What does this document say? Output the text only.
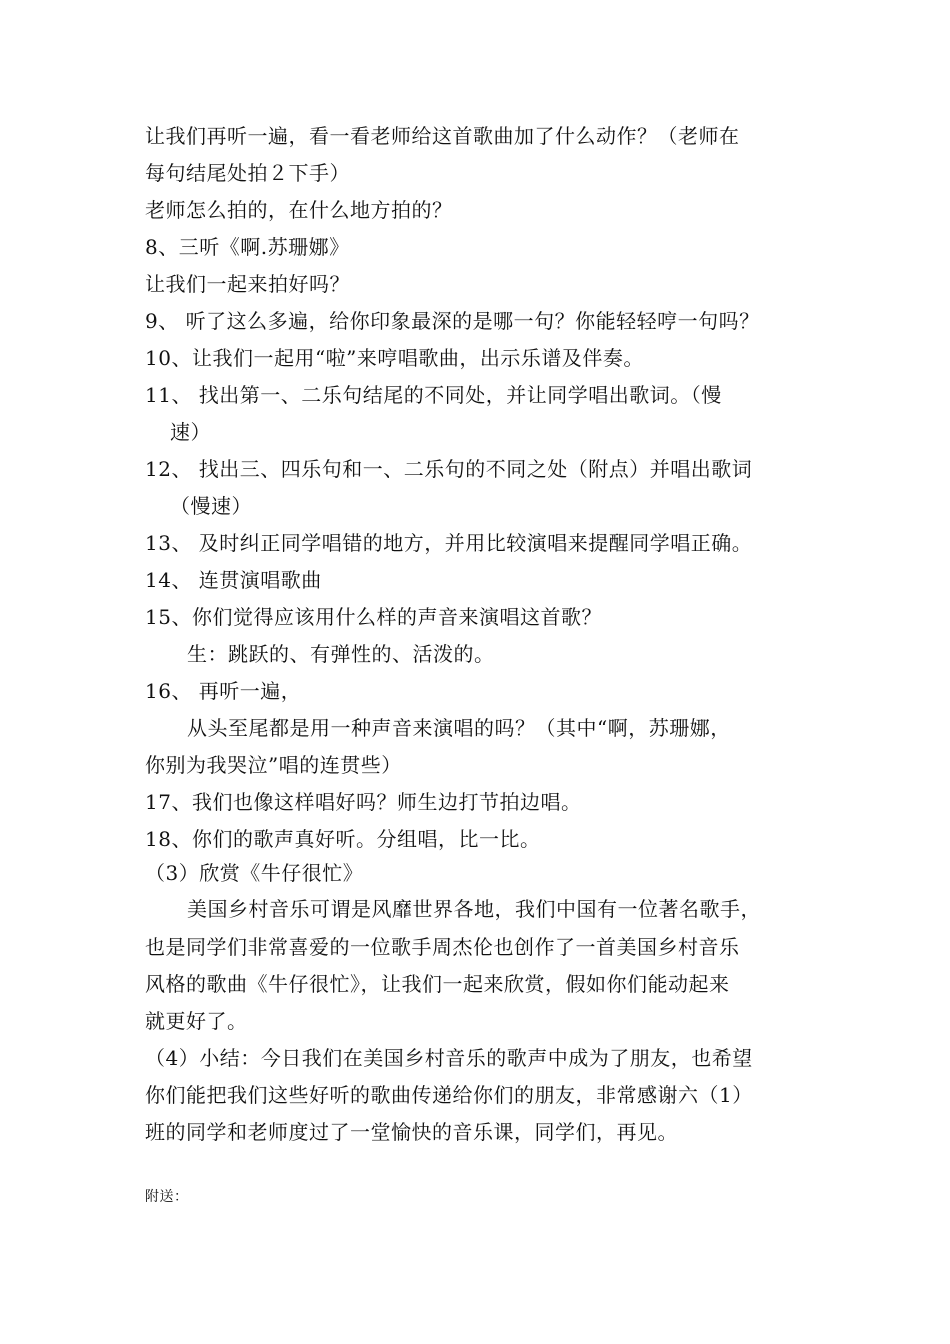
让我们再听一遍，看一看老师给这首歌曲加了什么动作？（老师在
每句结尾处拍２下手）
老师怎么拍的，在什么地方拍的？
8、三听《啊.苏珊娜》
让我们一起来拍好吗？
9、 听了这么多遍，给你印象最深的是哪一句？你能轻轻哼一句吗？
10、让我们一起用“啦”来哼唱歌曲，出示乐谱及伴奏。
11、 找出第一、二乐句结尾的不同处，并让同学唱出歌词。（慢
速）
12、 找出三、四乐句和一、二乐句的不同之处（附点）并唱出歌词
（慢速）
13、 及时纠正同学唱错的地方，并用比较演唱来提醒同学唱正确。
14、 连贯演唱歌曲
15、你们觉得应该用什么样的声音来演唱这首歌？
生：跳跃的、有弹性的、活泼的。
16、 再听一遍，
从头至尾都是用一种声音来演唱的吗？（其中“啊，苏珊娜，
你别为我哭泣”唱的连贯些）
17、我们也像这样唱好吗？师生边打节拍边唱。
18、你们的歌声真好听。分组唱，比一比。
（3）欣赏《牛仔很忙》
美国乡村音乐可谓是风靡世界各地，我们中国有一位著名歌手，
也是同学们非常喜爱的一位歌手周杰伦也创作了一首美国乡村音乐
风格的歌曲《牛仔很忙》，让我们一起来欣赏，假如你们能动起来
就更好了。
（4）小结：今日我们在美国乡村音乐的歌声中成为了朋友，也希望
你们能把我们这些好听的歌曲传递给你们的朋友，非常感谢六（1）
班的同学和老师度过了一堂愉快的音乐课，同学们，再见。
附送：
